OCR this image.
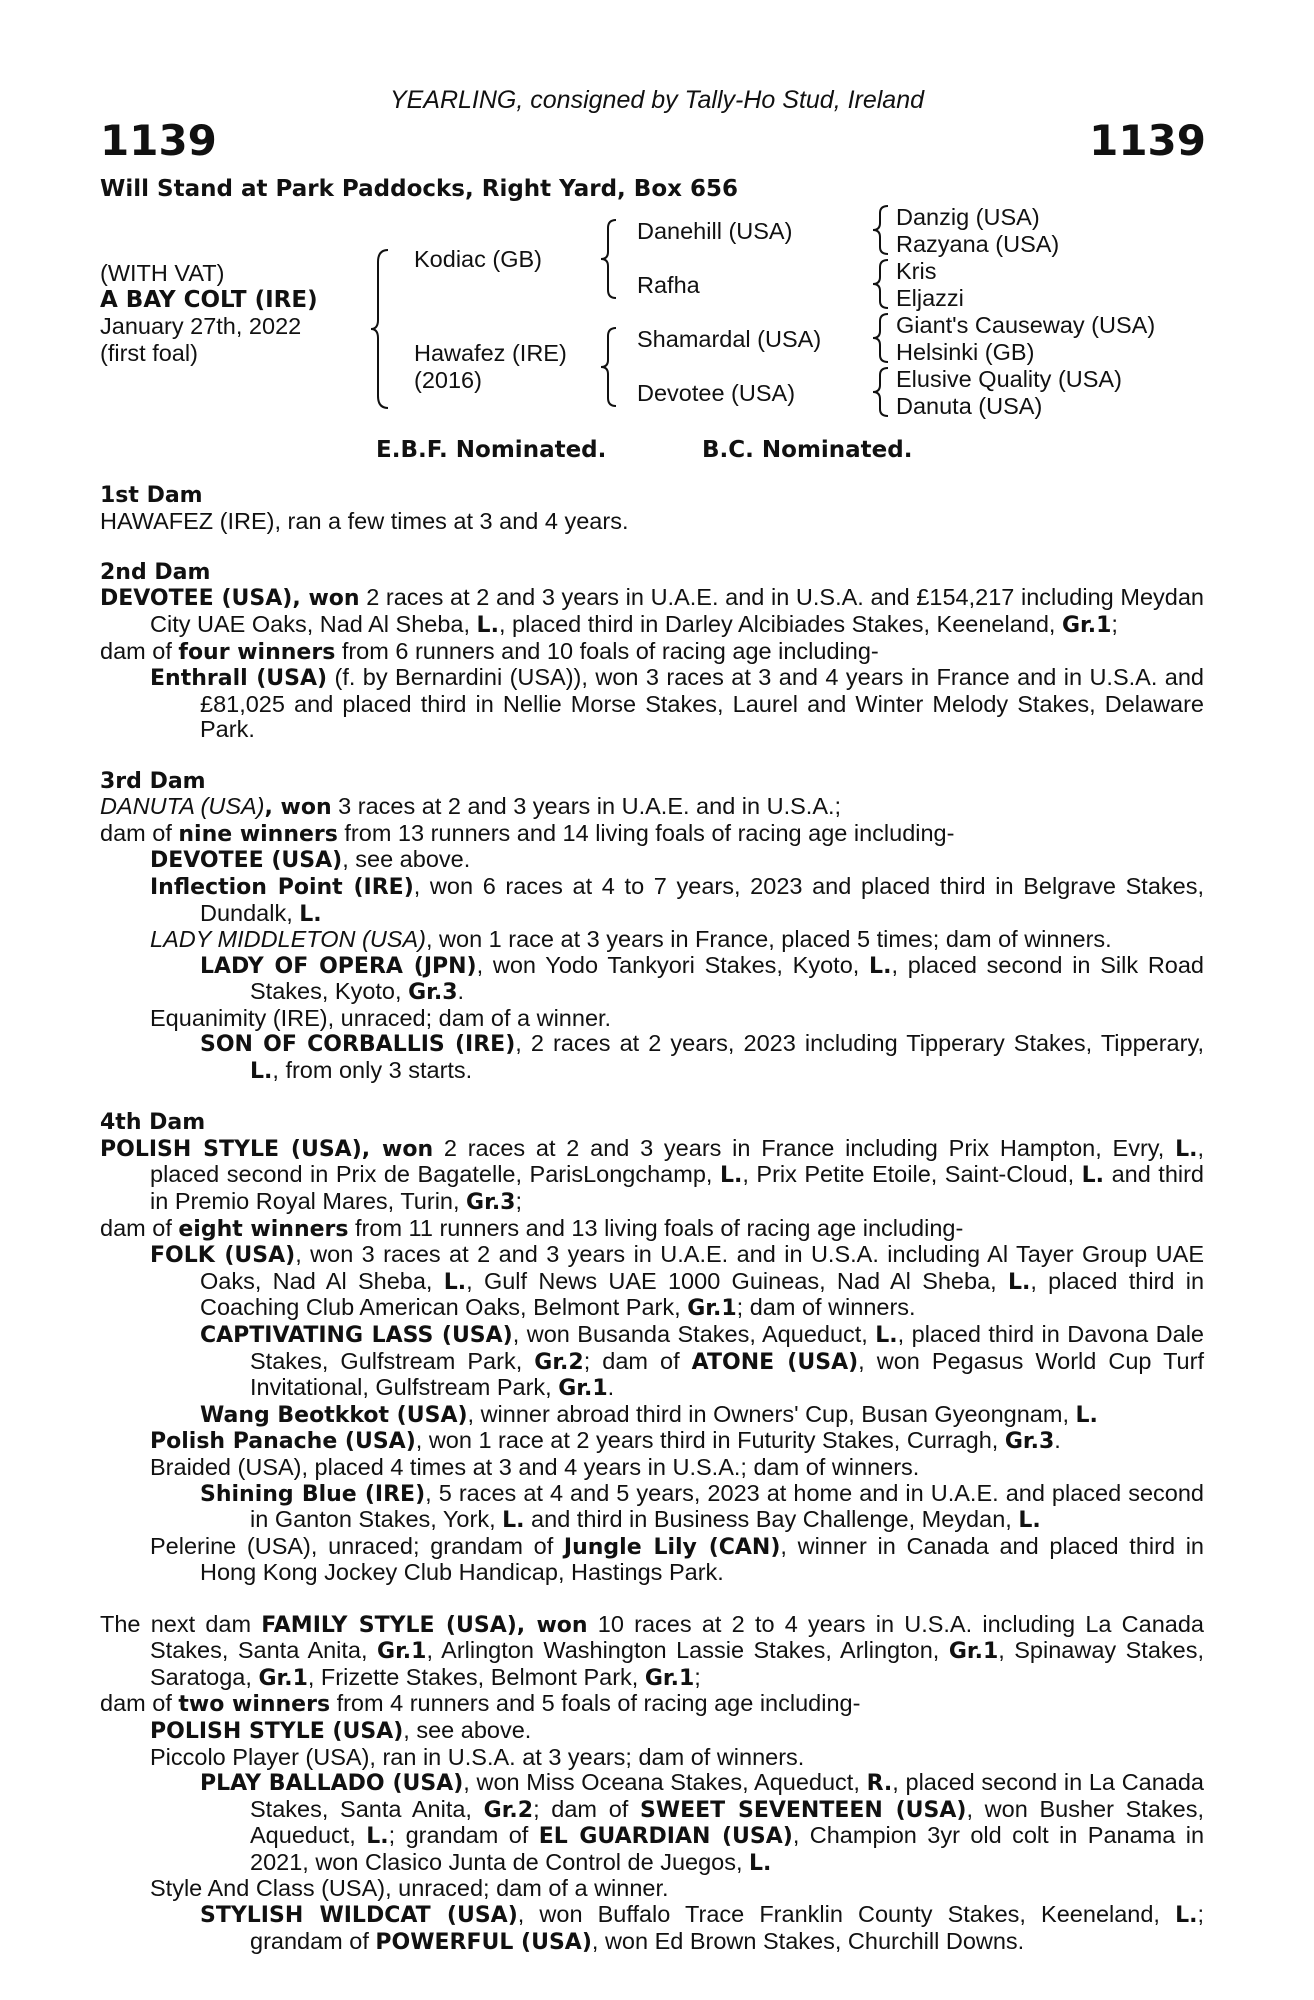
YEARLING, consigned by Tally-Ho Stud, Ireland
1139	1139
Will Stand at Park Paddocks, Right Yard, Box 656
(WITH VAT)
A BAY COLT (IRE)
January 27th, 2022
(first foal)
Kodiac (GB)
Hawafez (IRE)
(2016)
Danehill (USA)
Rafha
Shamardal (USA)
Devotee (USA)
Danzig (USA)
Razyana (USA)
Kris
Eljazzi
Giant's Causeway (USA)
Helsinki (GB)
Elusive Quality (USA)
Danuta (USA)
E.B.F. Nominated.	B.C. Nominated.
1st Dam
HAWAFEZ (IRE), ran a few times at 3 and 4 years.
2nd Dam
DEVOTEE (USA), won 2 races at 2 and 3 years in U.A.E. and in U.S.A. and £154,217 including Meydan City UAE Oaks, Nad Al Sheba, L., placed third in Darley Alcibiades Stakes, Keeneland, Gr.1;
dam of four winners from 6 runners and 10 foals of racing age including-
Enthrall (USA) (f. by Bernardini (USA)), won 3 races at 3 and 4 years in France and in U.S.A. and £81,025 and placed third in Nellie Morse Stakes, Laurel and Winter Melody Stakes, Delaware Park.
3rd Dam
DANUTA (USA), won 3 races at 2 and 3 years in U.A.E. and in U.S.A.;
dam of nine winners from 13 runners and 14 living foals of racing age including-
DEVOTEE (USA), see above.
Inflection Point (IRE), won 6 races at 4 to 7 years, 2023 and placed third in Belgrave Stakes, Dundalk, L.
LADY MIDDLETON (USA), won 1 race at 3 years in France, placed 5 times; dam of winners.
LADY OF OPERA (JPN), won Yodo Tankyori Stakes, Kyoto, L., placed second in Silk Road Stakes, Kyoto, Gr.3.
Equanimity (IRE), unraced; dam of a winner.
SON OF CORBALLIS (IRE), 2 races at 2 years, 2023 including Tipperary Stakes, Tipperary, L., from only 3 starts.
4th Dam
POLISH STYLE (USA), won 2 races at 2 and 3 years in France including Prix Hampton, Evry, L., placed second in Prix de Bagatelle, ParisLongchamp, L., Prix Petite Etoile, Saint-Cloud, L. and third in Premio Royal Mares, Turin, Gr.3;
dam of eight winners from 11 runners and 13 living foals of racing age including-
FOLK (USA), won 3 races at 2 and 3 years in U.A.E. and in U.S.A. including Al Tayer Group UAE Oaks, Nad Al Sheba, L., Gulf News UAE 1000 Guineas, Nad Al Sheba, L., placed third in Coaching Club American Oaks, Belmont Park, Gr.1; dam of winners.
CAPTIVATING LASS (USA), won Busanda Stakes, Aqueduct, L., placed third in Davona Dale Stakes, Gulfstream Park, Gr.2; dam of ATONE (USA), won Pegasus World Cup Turf Invitational, Gulfstream Park, Gr.1.
Wang Beotkkot (USA), winner abroad third in Owners' Cup, Busan Gyeongnam, L.
Polish Panache (USA), won 1 race at 2 years third in Futurity Stakes, Curragh, Gr.3.
Braided (USA), placed 4 times at 3 and 4 years in U.S.A.; dam of winners.
Shining Blue (IRE), 5 races at 4 and 5 years, 2023 at home and in U.A.E. and placed second in Ganton Stakes, York, L. and third in Business Bay Challenge, Meydan, L.
Pelerine (USA), unraced; grandam of Jungle Lily (CAN), winner in Canada and placed third in Hong Kong Jockey Club Handicap, Hastings Park.
The next dam FAMILY STYLE (USA), won 10 races at 2 to 4 years in U.S.A. including La Canada Stakes, Santa Anita, Gr.1, Arlington Washington Lassie Stakes, Arlington, Gr.1, Spinaway Stakes, Saratoga, Gr.1, Frizette Stakes, Belmont Park, Gr.1;
dam of two winners from 4 runners and 5 foals of racing age including-
POLISH STYLE (USA), see above.
Piccolo Player (USA), ran in U.S.A. at 3 years; dam of winners.
PLAY BALLADO (USA), won Miss Oceana Stakes, Aqueduct, R., placed second in La Canada Stakes, Santa Anita, Gr.2; dam of SWEET SEVENTEEN (USA), won Busher Stakes, Aqueduct, L.; grandam of EL GUARDIAN (USA), Champion 3yr old colt in Panama in 2021, won Clasico Junta de Control de Juegos, L.
Style And Class (USA), unraced; dam of a winner.
STYLISH WILDCAT (USA), won Buffalo Trace Franklin County Stakes, Keeneland, L.; grandam of POWERFUL (USA), won Ed Brown Stakes, Churchill Downs.
